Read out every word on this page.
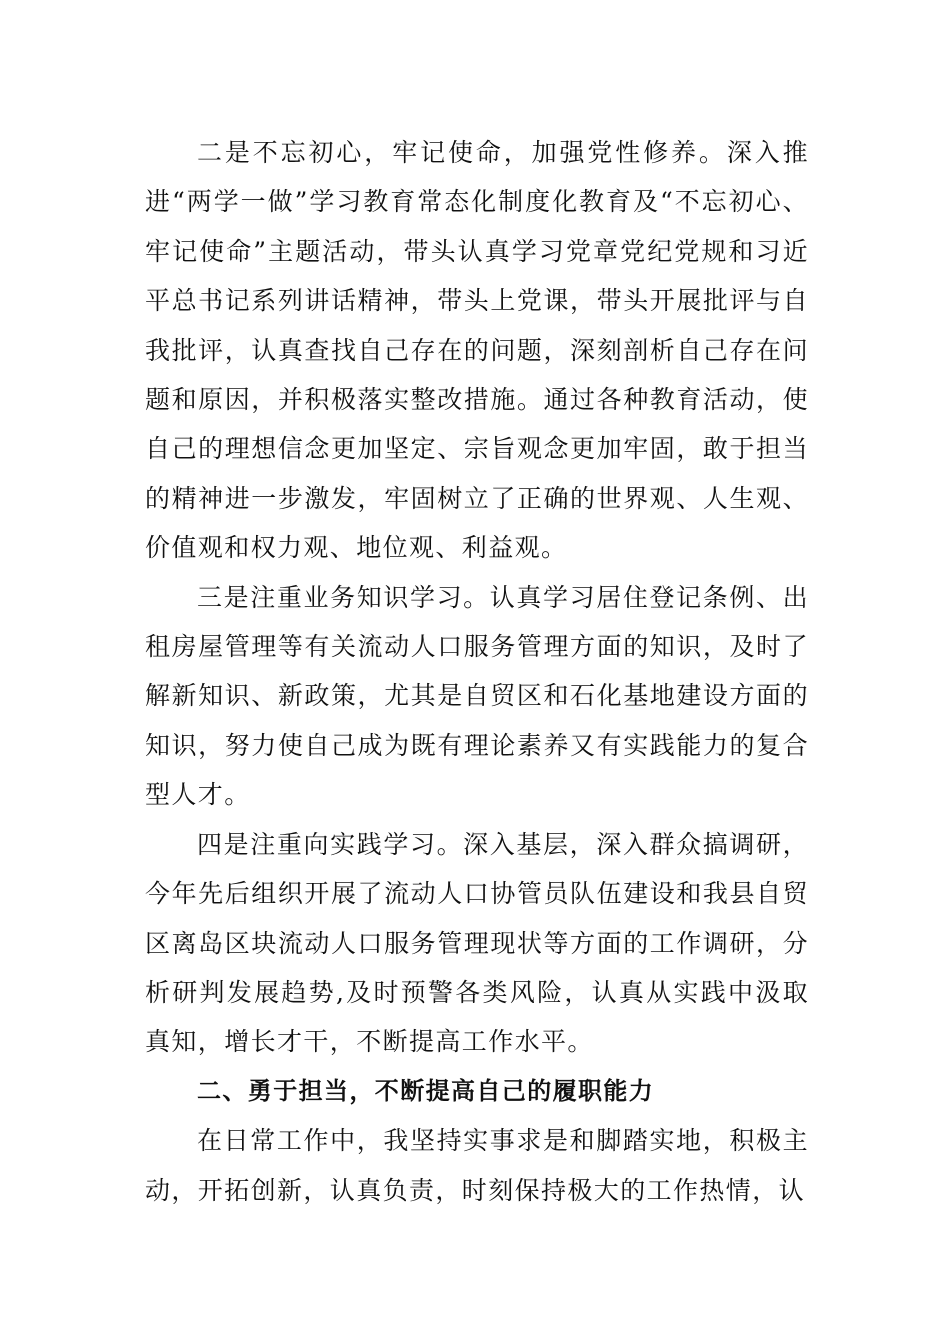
二是不忘初心，牢记使命，加强党性修养。深入推进“两学一做”学习教育常态化制度化教育及“不忘初心、牢记使命”主题活动，带头认真学习党章党纪党规和习近平总书记系列讲话精神，带头上党课，带头开展批评与自我批评，认真查找自己存在的问题，深刻剖析自己存在问题和原因，并积极落实整改措施。通过各种教育活动，使自己的理想信念更加坚定、宗旨观念更加牢固，敢于担当的精神进一步激发，牢固树立了正确的世界观、人生观、价值观和权力观、地位观、利益观。

三是注重业务知识学习。认真学习居住登记条例、出租房屋管理等有关流动人口服务管理方面的知识，及时了解新知识、新政策，尤其是自贸区和石化基地建设方面的知识，努力使自己成为既有理论素养又有实践能力的复合型人才。

四是注重向实践学习。深入基层，深入群众搞调研，今年先后组织开展了流动人口协管员队伍建设和我县自贸区离岛区块流动人口服务管理现状等方面的工作调研，分析研判发展趋势,及时预警各类风险，认真从实践中汲取真知，增长才干，不断提高工作水平。

二、勇于担当，不断提高自己的履职能力

在日常工作中，我坚持实事求是和脚踏实地，积极主动，开拓创新，认真负责，时刻保持极大的工作热情，认
